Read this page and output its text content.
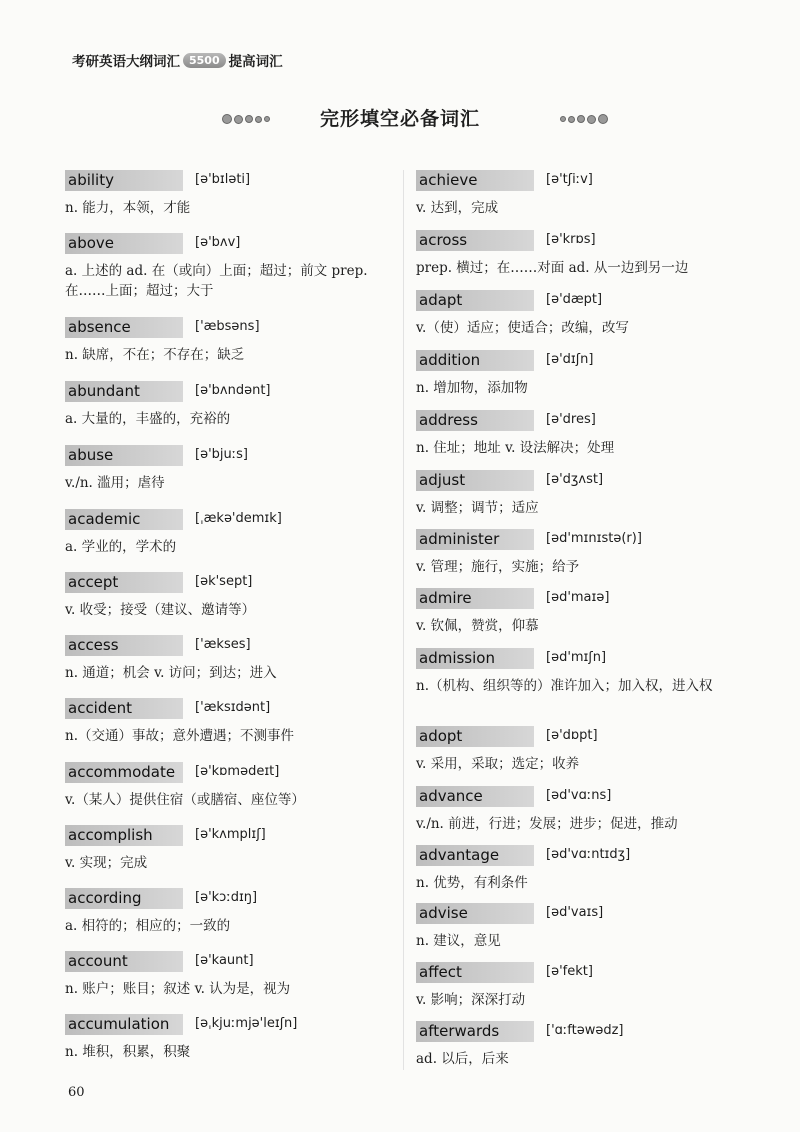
考研英语大纲词汇 5500 提高词汇
完形填空必备词汇
ability	[ə'bɪləti]
n. 能力，本领，才能
above	[ə'bʌv]
a. 上述的 ad. 在（或向）上面；超过；前文 prep. 在……上面；超过；大于
absence	['æbsəns]
n. 缺席，不在；不存在；缺乏
abundant	[ə'bʌndənt]
a. 大量的，丰盛的，充裕的
abuse	[ə'bjuːs]
v./n. 滥用；虐待
academic	[ˌækə'demɪk]
a. 学业的，学术的
accept	[ək'sept]
v. 收受；接受（建议、邀请等）
access	['ækses]
n. 通道；机会 v. 访问；到达；进入
accident	['æksɪdənt]
n.（交通）事故；意外遭遇；不测事件
accommodate	[ə'kɒmədeɪt]
v.（某人）提供住宿（或膳宿、座位等）
accomplish	[ə'kʌmplɪʃ]
v. 实现；完成
according	[ə'kɔːdɪŋ]
a. 相符的；相应的；一致的
account	[ə'kaunt]
n. 账户；账目；叙述 v. 认为是，视为
accumulation	[əˌkjuːmjə'leɪʃn]
n. 堆积，积累，积聚
achieve	[ə'tʃiːv]
v. 达到，完成
across	[ə'krɒs]
prep. 横过；在……对面 ad. 从一边到另一边
adapt	[ə'dæpt]
v.（使）适应；使适合；改编，改写
addition	[ə'dɪʃn]
n. 增加物，添加物
address	[ə'dres]
n. 住址；地址 v. 设法解决；处理
adjust	[ə'dʒʌst]
v. 调整；调节；适应
administer	[əd'mɪnɪstə(r)]
v. 管理；施行，实施；给予
admire	[əd'maɪə]
v. 钦佩，赞赏，仰慕
admission	[əd'mɪʃn]
n.（机构、组织等的）准许加入；加入权，进入权
adopt	[ə'dɒpt]
v. 采用，采取；选定；收养
advance	[əd'vɑːns]
v./n. 前进，行进；发展；进步；促进，推动
advantage	[əd'vɑːntɪdʒ]
n. 优势，有利条件
advise	[əd'vaɪs]
n. 建议，意见
affect	[ə'fekt]
v. 影响；深深打动
afterwards	['ɑːftəwədz]
ad. 以后，后来
60
